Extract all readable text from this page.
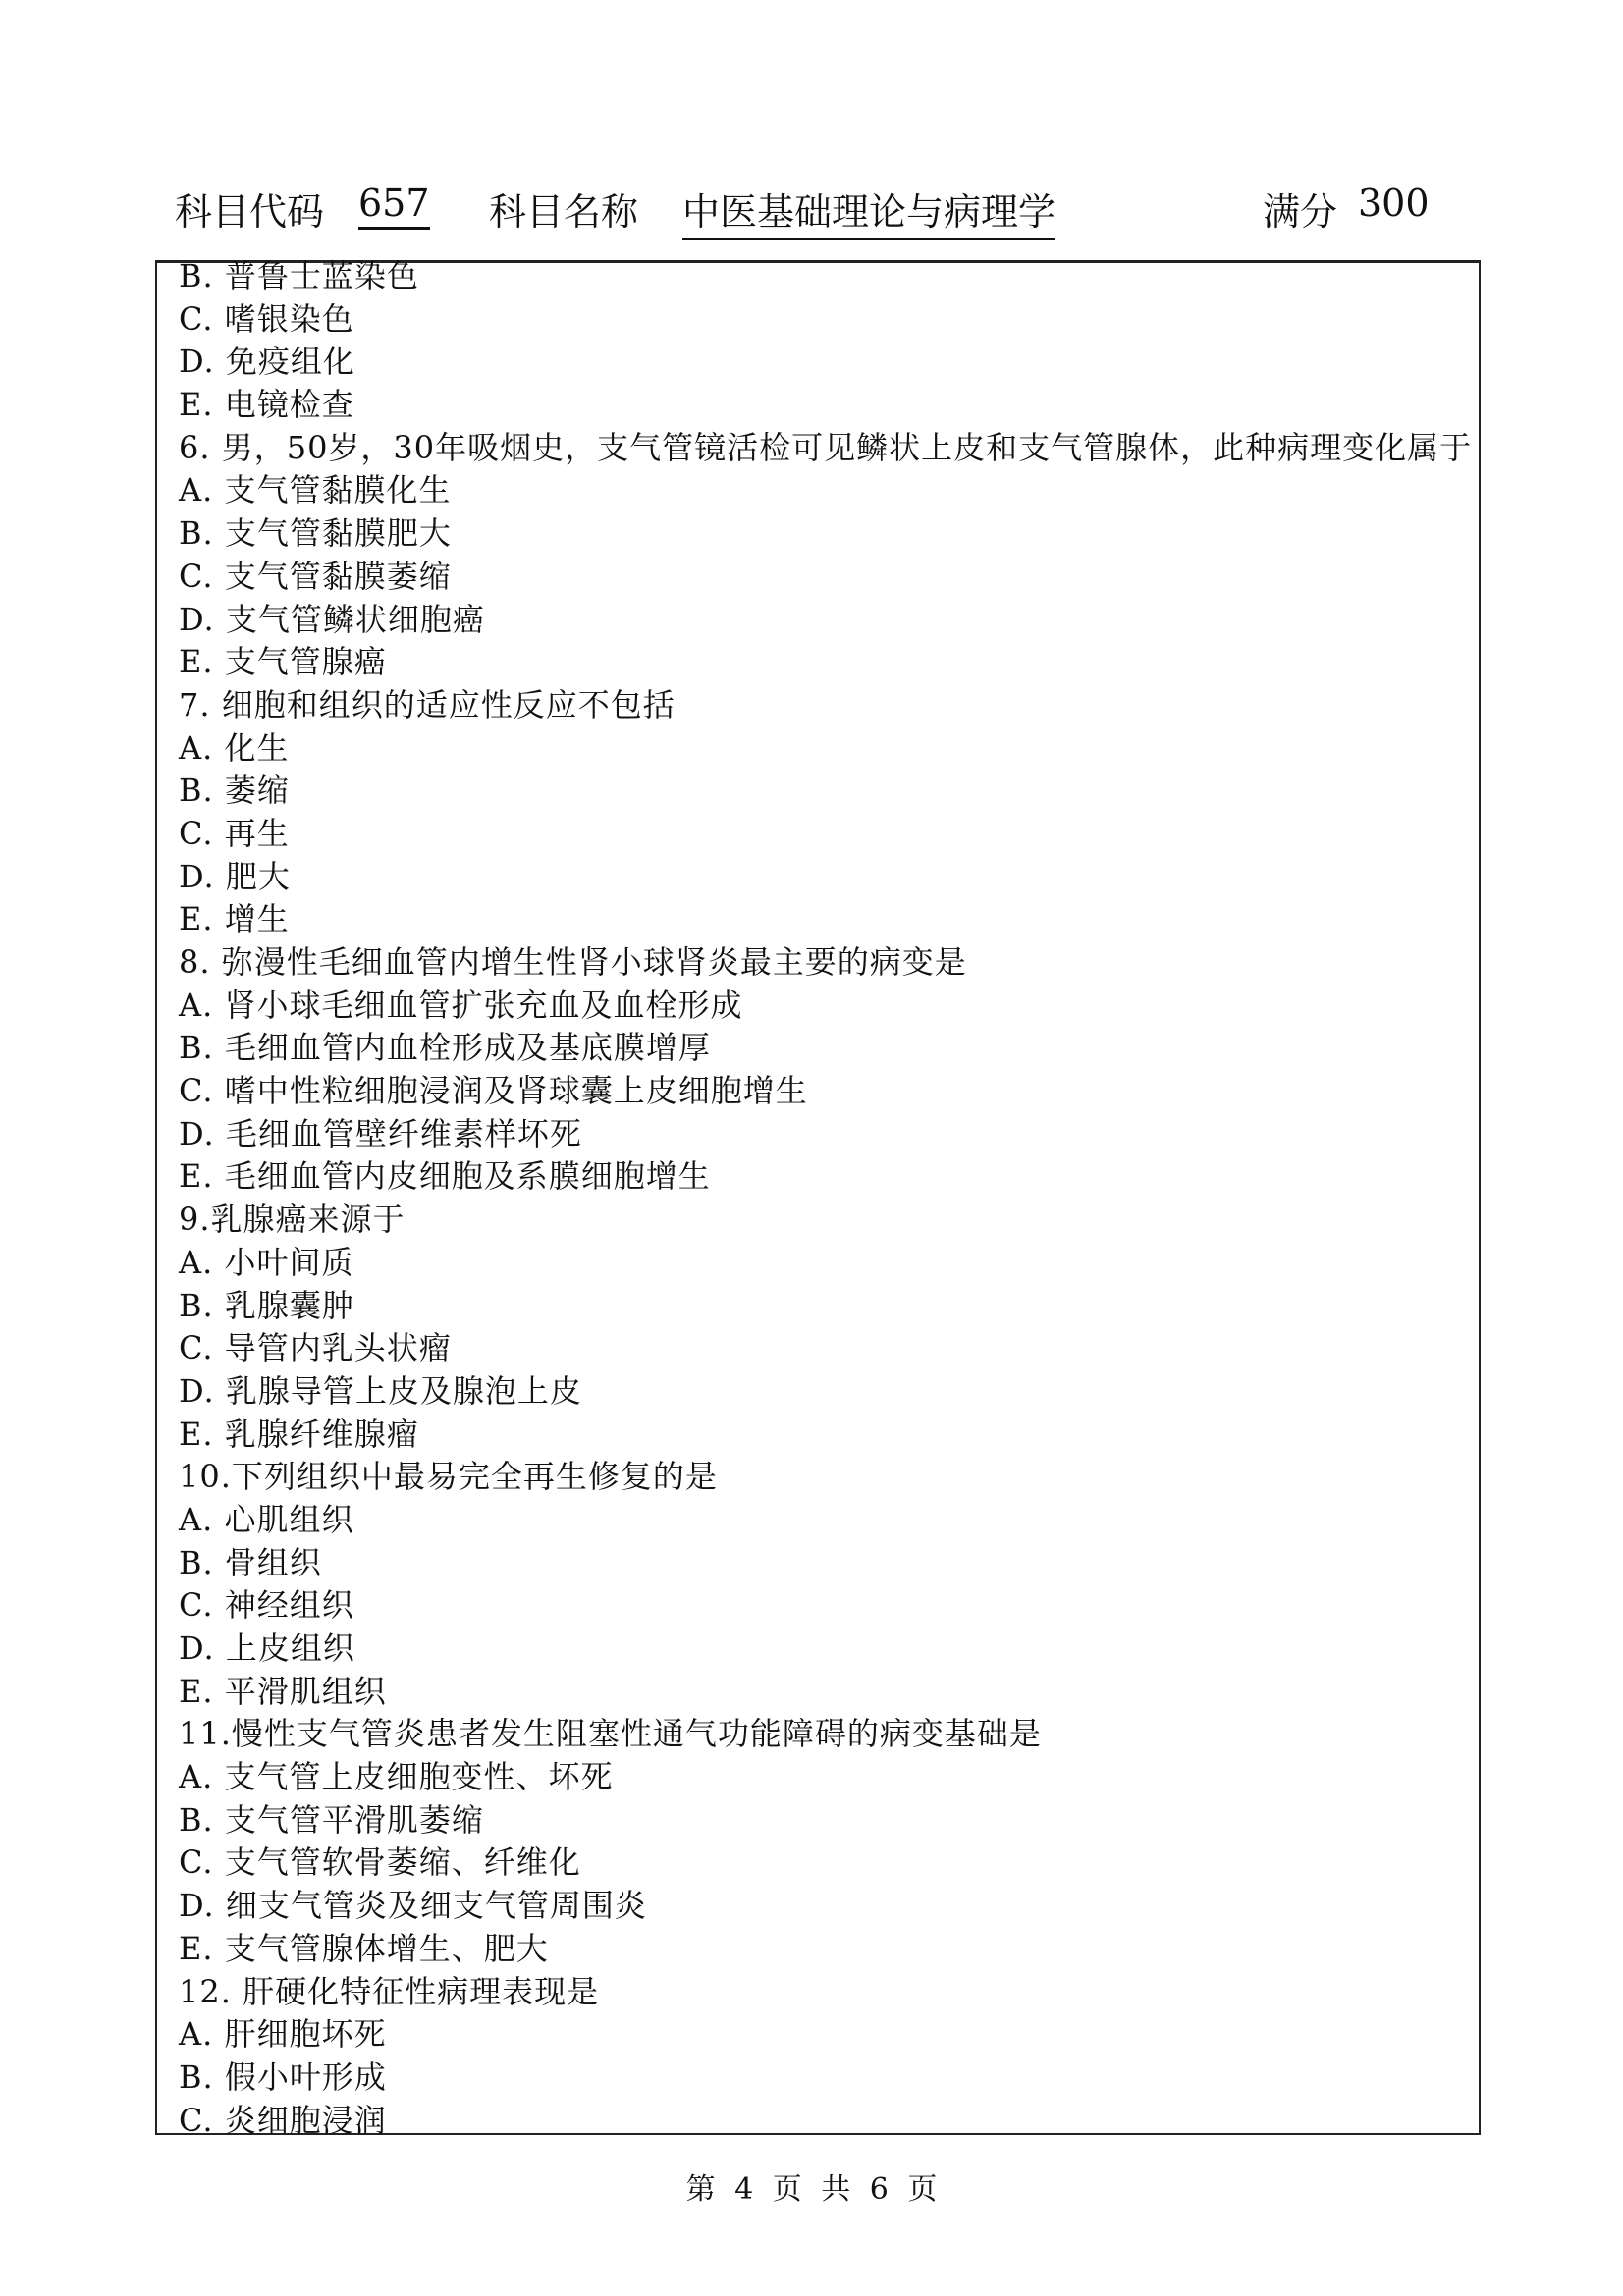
科目代码 657 科目名称 中医基础理论与病理学	满分 300
B. 普鲁士蓝染色
C. 嗜银染色
D. 免疫组化
E. 电镜检查
6. 男，50岁，30年吸烟史，支气管镜活检可见鳞状上皮和支气管腺体，此种病理变化属于
A. 支气管黏膜化生
B. 支气管黏膜肥大
C. 支气管黏膜萎缩
D. 支气管鳞状细胞癌
E. 支气管腺癌
7. 细胞和组织的适应性反应不包括
A. 化生
B. 萎缩
C. 再生
D. 肥大
E. 增生
8. 弥漫性毛细血管内增生性肾小球肾炎最主要的病变是
A. 肾小球毛细血管扩张充血及血栓形成
B. 毛细血管内血栓形成及基底膜增厚
C. 嗜中性粒细胞浸润及肾球囊上皮细胞增生
D. 毛细血管壁纤维素样坏死
E. 毛细血管内皮细胞及系膜细胞增生
9.乳腺癌来源于
A. 小叶间质
B. 乳腺囊肿
C. 导管内乳头状瘤
D. 乳腺导管上皮及腺泡上皮
E. 乳腺纤维腺瘤
10.下列组织中最易完全再生修复的是
A. 心肌组织
B. 骨组织
C. 神经组织
D. 上皮组织
E. 平滑肌组织
11.慢性支气管炎患者发生阻塞性通气功能障碍的病变基础是
A. 支气管上皮细胞变性、坏死
B. 支气管平滑肌萎缩
C. 支气管软骨萎缩、纤维化
D. 细支气管炎及细支气管周围炎
E. 支气管腺体增生、肥大
12. 肝硬化特征性病理表现是
A. 肝细胞坏死
B. 假小叶形成
C. 炎细胞浸润
第 4 页 共 6 页
